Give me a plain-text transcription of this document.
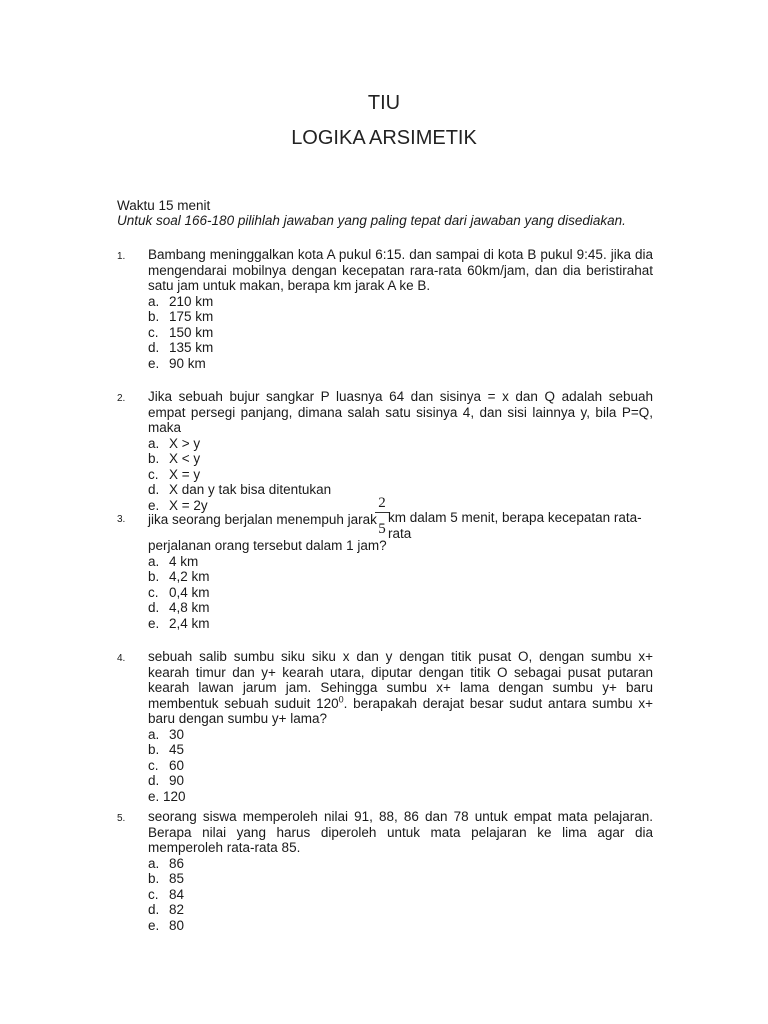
TIU
LOGIKA ARSIMETIK
Waktu 15 menit
Untuk soal 166-180 pilihlah jawaban yang paling tepat dari jawaban yang disediakan.
1. Bambang meninggalkan kota A pukul 6:15. dan sampai di kota B pukul 9:45. jika dia mengendarai mobilnya dengan kecepatan rara-rata 60km/jam, dan dia beristirahat satu jam untuk makan, berapa km jarak A ke B.
a. 210 km
b. 175 km
c. 150 km
d. 135 km
e. 90 km
2. Jika sebuah bujur sangkar P luasnya 64 dan sisinya = x dan Q adalah sebuah empat persegi panjang, dimana salah satu sisinya 4, dan sisi lainnya y, bila P=Q, maka
a. X > y
b. X < y
c. X = y
d. X dan y tak bisa ditentukan
e. X = 2y
3. jika seorang berjalan menempuh jarak
$\frac{2}{5}$ km dalam 5 menit, berapa kecepatan rata-rata
perjalanan orang tersebut dalam 1 jam?
a. 4 km
b. 4,2 km
c. 0,4 km
d. 4,8 km
e. 2,4 km
4. sebuah salib sumbu siku siku x dan y dengan titik pusat O, dengan sumbu x+ kearah timur dan y+ kearah utara, diputar dengan titik O sebagai pusat putaran kearah lawan jarum jam. Sehingga sumbu x+ lama dengan sumbu y+ baru membentuk sebuah suduit $120^0$. berapakah derajat besar sudut antara sumbu x+ baru dengan sumbu y+ lama?
a. 30
b. 45
c. 60
d. 90
e. 120
5. seorang siswa memperoleh nilai 91, 88, 86 dan 78 untuk empat mata pelajaran. Berapa nilai yang harus diperoleh untuk mata pelajaran ke lima agar dia memperoleh rata-rata 85.
a. 86
b. 85
c. 84
d. 82
e. 80
